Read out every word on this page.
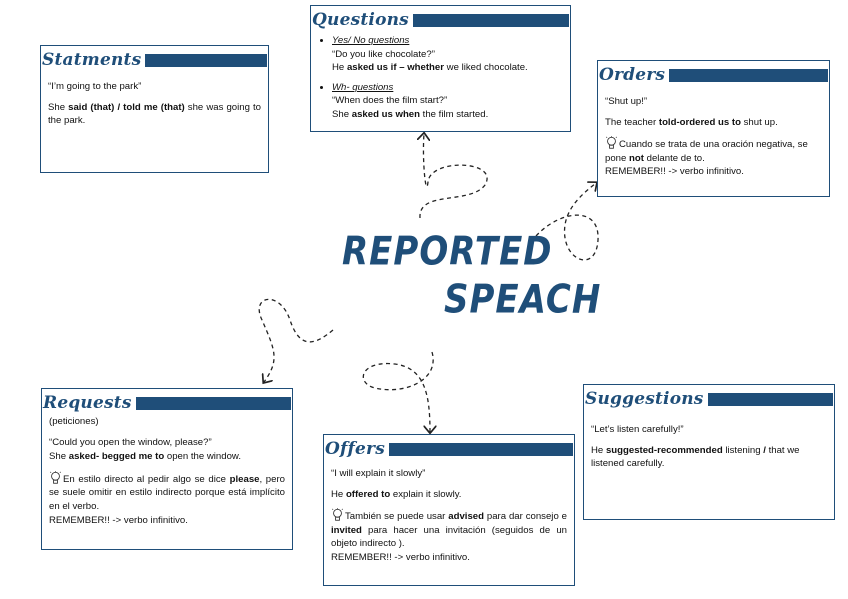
REPORTED
SPEACH
Statments

“I’m going to the park”

She said (that) / told me (that) she was going to the park.

Questions
• Yes/ No questions
“Do you like chocolate?”
He asked us if – whether we liked chocolate.
• Wh- questions
“When does the film start?”
She asked us when the film started.
Orders

“Shut up!”

The teacher told-ordered us to shut up.

Cuando se trata de una oración negativa, se pone not delante de to.
REMEMBER!! -> verbo infinitivo.

Requests

(peticiones)

“Could you open the window, please?”

She asked- begged me to open the window.

En estilo directo al pedir algo se dice please, pero se suele omitir en estilo indirecto porque está implícito en el verbo.
REMEMBER!! -> verbo infinitivo.

Offers

“I will explain it slowly”

He offered to explain it slowly.

También se puede usar advised para dar consejo e invited para hacer una invitación (seguidos de un objeto indirecto ).
REMEMBER!! -> verbo infinitivo.

Suggestions

“Let’s listen carefully!”

He suggested-recommended listening / that we listened carefully.
